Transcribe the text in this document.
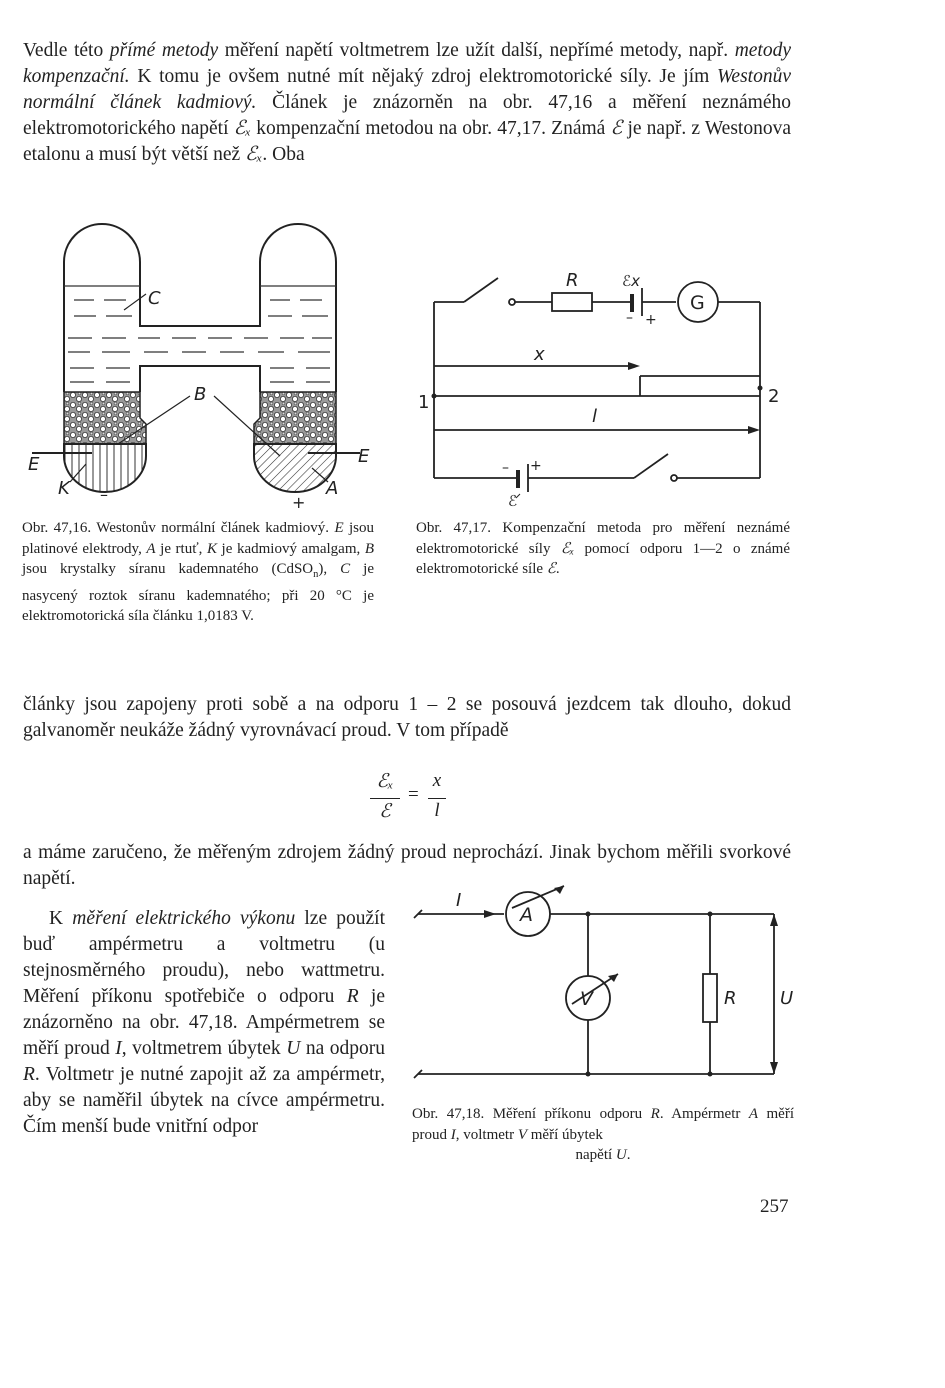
Vedle této přímé metody měření napětí voltmetrem lze užít další, nepřímé metody, např. metody kompenzační. K tomu je ovšem nutné mít nějaký zdroj elektromotorické síly. Je jím Westonův normální článek kadmiový. Článek je znázorněn na obr. 47,16 a měření neznámého elektromotorického napětí ℰₓ kompenzační metodou na obr. 47,17. Známá ℰ je např. z Westonova etalonu a musí být větší než ℰₓ. Oba
C
B
E	E
K	A
–	+
R	ℰx
G
– +
x
1	2
l
– +
ℰ
Obr. 47,16. Westonův normální článek kadmiový. E jsou platinové elektrody, A je rtuť, K je kadmiový amalgam, B jsou krystalky síranu kademnatého (CdSO$_n$), C je nasycený roztok síranu kademnatého; při 20 °C je elektromotorická síla článku 1,0183 V.
Obr. 47,17. Kompenzační metoda pro měření neznámé elektromotorické síly ℰₓ pomocí odporu 1—2 o známé elektromotorické síle ℰ.
články jsou zapojeny proti sobě a na odporu 1 – 2 se posouvá jezdcem tak dlouho, dokud galvanoměr neukáže žádný vyrovnávací proud. V tom případě
ℰₓ
ℰ
=
x
l
a máme zaručeno, že měřeným zdrojem žádný proud neprochází. Jinak bychom měřili svorkové napětí.
K měření elektrického výkonu lze použít buď ampérmetru a voltmetru (u stejnosměrného proudu), nebo wattmetru. Měření příkonu spotřebiče o odporu R je znázorněno na obr. 47,18. Ampérmetrem se měří proud I, voltmetrem úbytek U na odporu R. Voltmetr je nutné zapojit až za ampérmetr, aby se naměřil úbytek na cívce ampérmetru. Čím menší bude vnitřní odpor
I
A
V	R U
Obr. 47,18. Měření příkonu odporu R. Ampérmetr A měří proud I, voltmetr V měří úbytek
napětí U.
257
